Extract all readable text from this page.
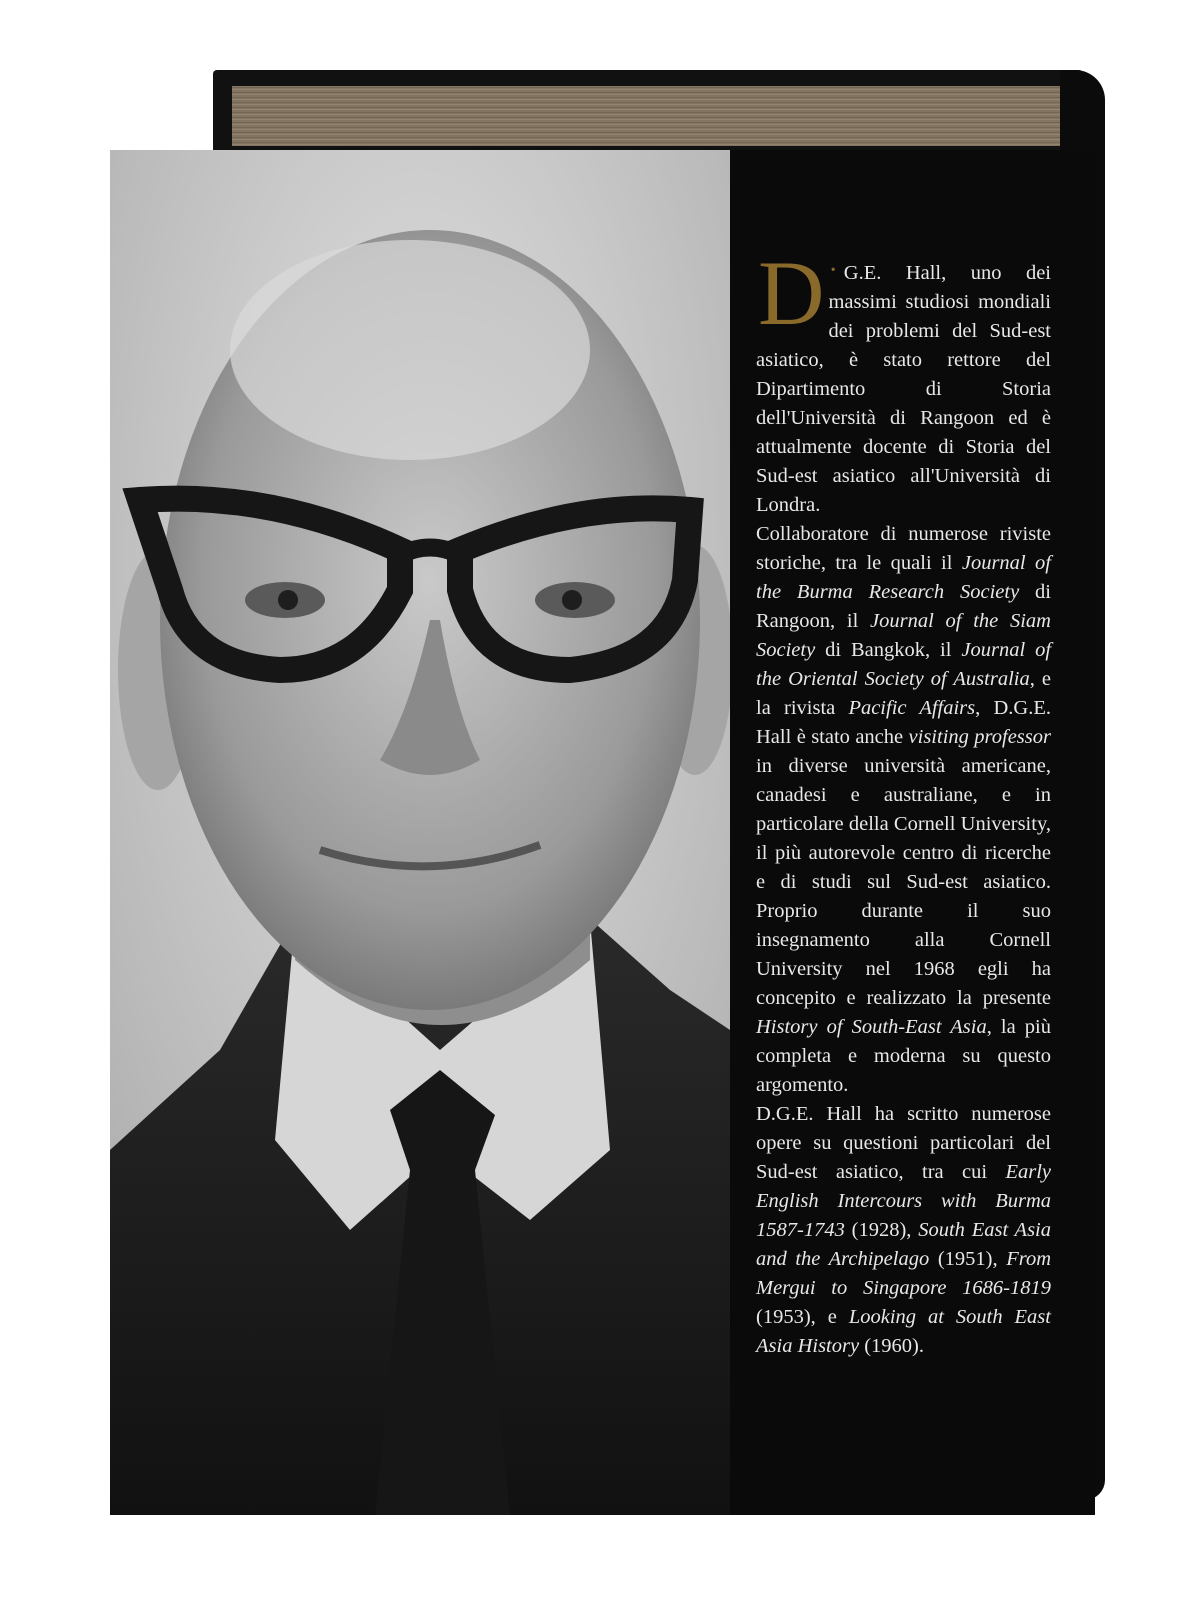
D · G.E. Hall, uno dei massimi studiosi mondiali dei problemi del Sud-est asiatico, è stato rettore del Dipartimento di Storia dell'Università di Rangoon ed è attualmente docente di Storia del Sud-est asiatico all'Università di Londra.

Collaboratore di numerose riviste storiche, tra le quali il Journal of the Burma Research Society di Rangoon, il Journal of the Siam Society di Bangkok, il Journal of the Oriental Society of Australia, e la rivista Pacific Affairs, D.G.E. Hall è stato anche visiting professor in diverse università americane, canadesi e australiane, e in particolare della Cornell University, il più autorevole centro di ricerche e di studi sul Sud-est asiatico. Proprio durante il suo insegnamento alla Cornell University nel 1968 egli ha concepito e realizzato la presente History of South-East Asia, la più completa e moderna su questo argomento.

D.G.E. Hall ha scritto numerose opere su questioni particolari del Sud-est asiatico, tra cui Early English Intercours with Burma 1587-1743 (1928), South East Asia and the Archipelago (1951), From Mergui to Singapore 1686-1819 (1953), e Looking at South East Asia History (1960).
